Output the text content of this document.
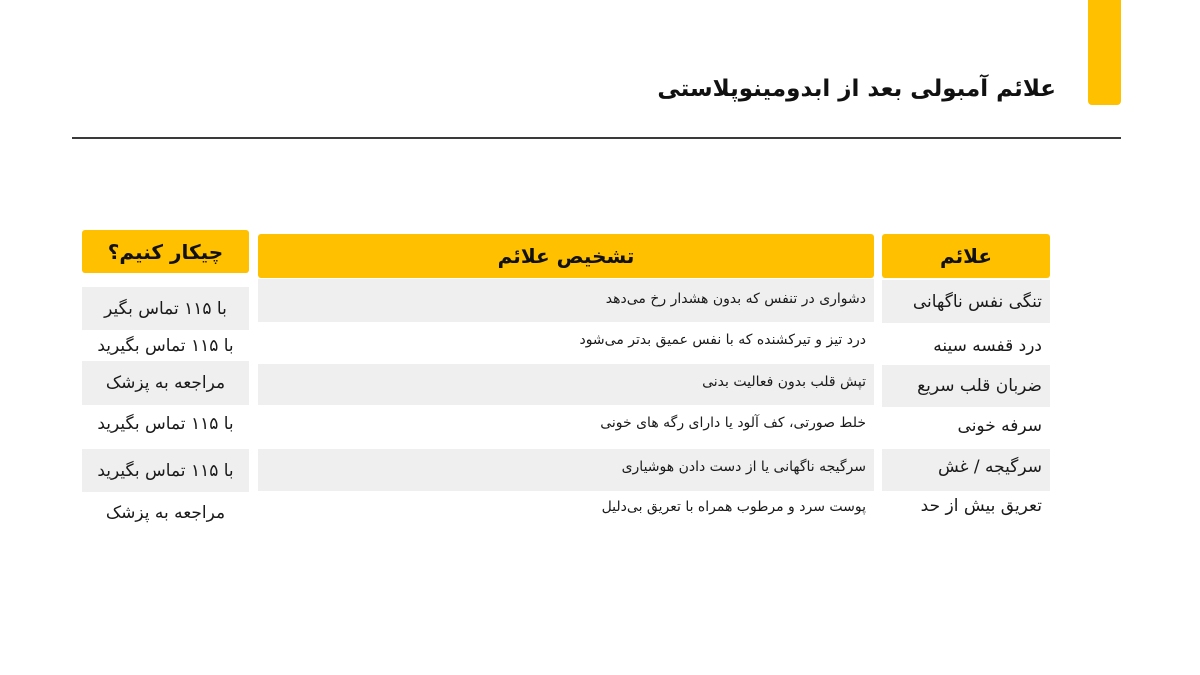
علائم آمبولی بعد از ابدومینوپلاستی
علائم
تشخیص علائم
چیکار کنیم؟
تنگی نفس ناگهانی
درد قفسه سینه
ضربان قلب سریع
سرفه خونی
سرگیجه / غش
تعریق بیش از حد
دشواری در تنفس که بدون هشدار رخ می‌دهد
درد تیز و تیرکشنده که با نفس عمیق بدتر می‌شود
تپش قلب بدون فعالیت بدنی
خلط صورتی، کف آلود یا دارای رگه های خونی
سرگیجه ناگهانی یا از دست دادن هوشیاری
پوست سرد و مرطوب همراه با تعریق بی‌دلیل
با ۱۱۵ تماس بگیر
با ۱۱۵ تماس بگیرید
مراجعه به پزشک
با ۱۱۵ تماس بگیرید
با ۱۱۵ تماس بگیرید
مراجعه به پزشک
